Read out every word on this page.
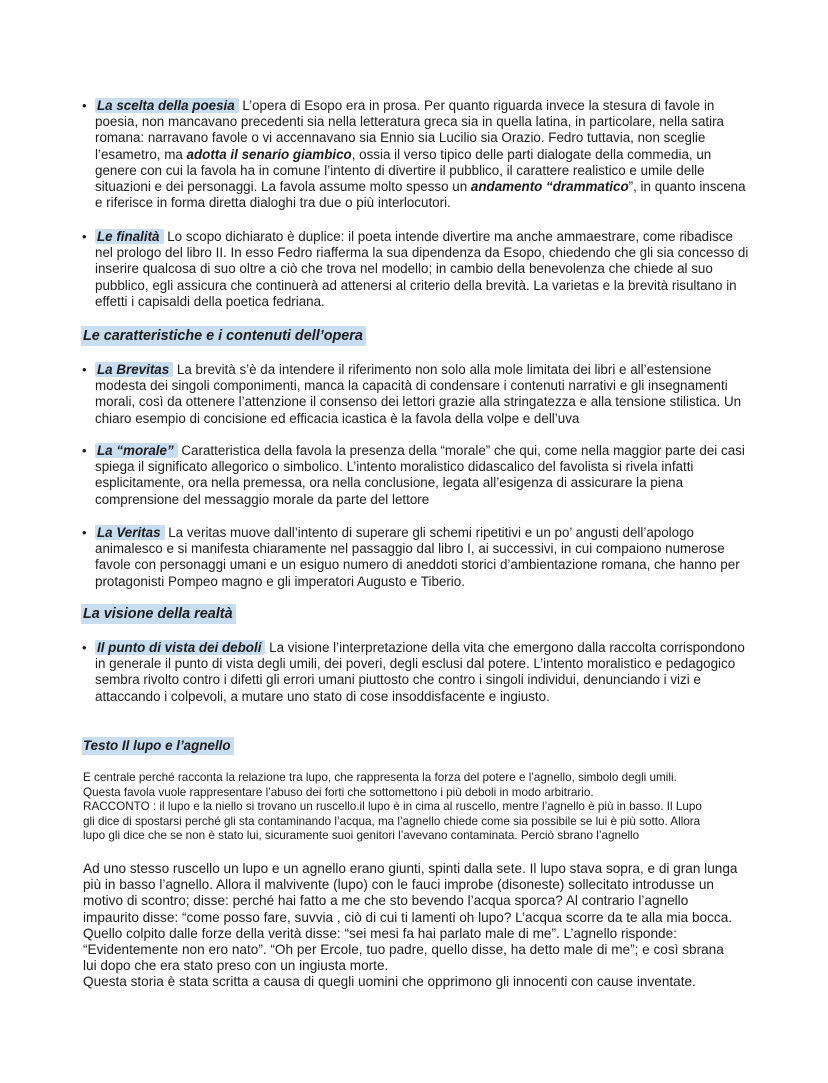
• La scelta della poesia L’opera di Esopo era in prosa. Per quanto riguarda invece la stesura di favole in poesia, non mancavano precedenti sia nella letteratura greca sia in quella latina, in particolare, nella satira romana: narravano favole o vi accennavano sia Ennio sia Lucilio sia Orazio. Fedro tuttavia, non sceglie l’esametro, ma adotta il senario giambico, ossia il verso tipico delle parti dialogate della commedia, un genere con cui la favola ha in comune l’intento di divertire il pubblico, il carattere realistico e umile delle situazioni e dei personaggi. La favola assume molto spesso un andamento “drammatico”, in quanto inscena e riferisce in forma diretta dialoghi tra due o più interlocutori.
• Le finalità Lo scopo dichiarato è duplice: il poeta intende divertire ma anche ammaestrare, come ribadisce nel prologo del libro II. In esso Fedro riafferma la sua dipendenza da Esopo, chiedendo che gli sia concesso di inserire qualcosa di suo oltre a ciò che trova nel modello; in cambio della benevolenza che chiede al suo pubblico, egli assicura che continuerà ad attenersi al criterio della brevità. La varietas e la brevità risultano in effetti i capisaldi della poetica fedriana.
Le caratteristiche e i contenuti dell’opera
• La Brevitas La brevità s’è da intendere il riferimento non solo alla mole limitata dei libri e all’estensione modesta dei singoli componimenti, manca la capacità di condensare i contenuti narrativi e gli insegnamenti morali, così da ottenere l’attenzione il consenso dei lettori grazie alla stringatezza e alla tensione stilistica. Un chiaro esempio di concisione ed efficacia icastica è la favola della volpe e dell’uva
• La “morale” Caratteristica della favola la presenza della “morale” che qui, come nella maggior parte dei casi spiega il significato allegorico o simbolico. L’intento moralistico didascalico del favolista si rivela infatti esplicitamente, ora nella premessa, ora nella conclusione, legata all’esigenza di assicurare la piena comprensione del messaggio morale da parte del lettore
• La Veritas La veritas muove dall’intento di superare gli schemi ripetitivi e un po’ angusti dell’apologo animalesco e si manifesta chiaramente nel passaggio dal libro I, ai successivi, in cui compaiono numerose favole con personaggi umani e un esiguo numero di aneddoti storici d’ambientazione romana, che hanno per protagonisti Pompeo magno e gli imperatori Augusto e Tiberio.
La visione della realtà
• Il punto di vista dei deboli La visione l’interpretazione della vita che emergono dalla raccolta corrispondono in generale il punto di vista degli umili, dei poveri, degli esclusi dal potere. L’intento moralistico e pedagogico sembra rivolto contro i difetti gli errori umani piuttosto che contro i singoli individui, denunciando i vizi e attaccando i colpevoli, a mutare uno stato di cose insoddisfacente e ingiusto.
Testo Il lupo e l’agnello
E centrale perché racconta la relazione tra lupo, che rappresenta la forza del potere e l’agnello, simbolo degli umili.
Questa favola vuole rappresentare l’abuso dei forti che sottomettono i più deboli in modo arbitrario.
RACCONTO : il lupo e la niello si trovano un ruscello.il lupo è in cima al ruscello, mentre l’agnello è più in basso. Il Lupo
gli dice di spostarsi perché gli sta contaminando l’acqua, ma l’agnello chiede come sia possibile se lui è più sotto. Allora
lupo gli dice che se non è stato lui, sicuramente suoi genitori l’avevano contaminata. Perciò sbrano l’agnello
Ad uno stesso ruscello un lupo e un agnello erano giunti, spinti dalla sete. Il lupo stava sopra, e di gran lunga
più in basso l’agnello. Allora il malvivente (lupo) con le fauci improbe (disoneste) sollecitato introdusse un
motivo di scontro; disse: perché hai fatto a me che sto bevendo l’acqua sporca? Al contrario l’agnello
impaurito disse: “come posso fare, suvvia , ciò di cui ti lamenti oh lupo? L’acqua scorre da te alla mia bocca.
Quello colpito dalle forze della verità disse: “sei mesi fa hai parlato male di me”. L’agnello risponde:
“Evidentemente non ero nato”. “Oh per Ercole, tuo padre, quello disse, ha detto male di me”; e così sbrana
lui dopo che era stato preso con un ingiusta morte.
Questa storia è stata scritta a causa di quegli uomini che opprimono gli innocenti con cause inventate.
